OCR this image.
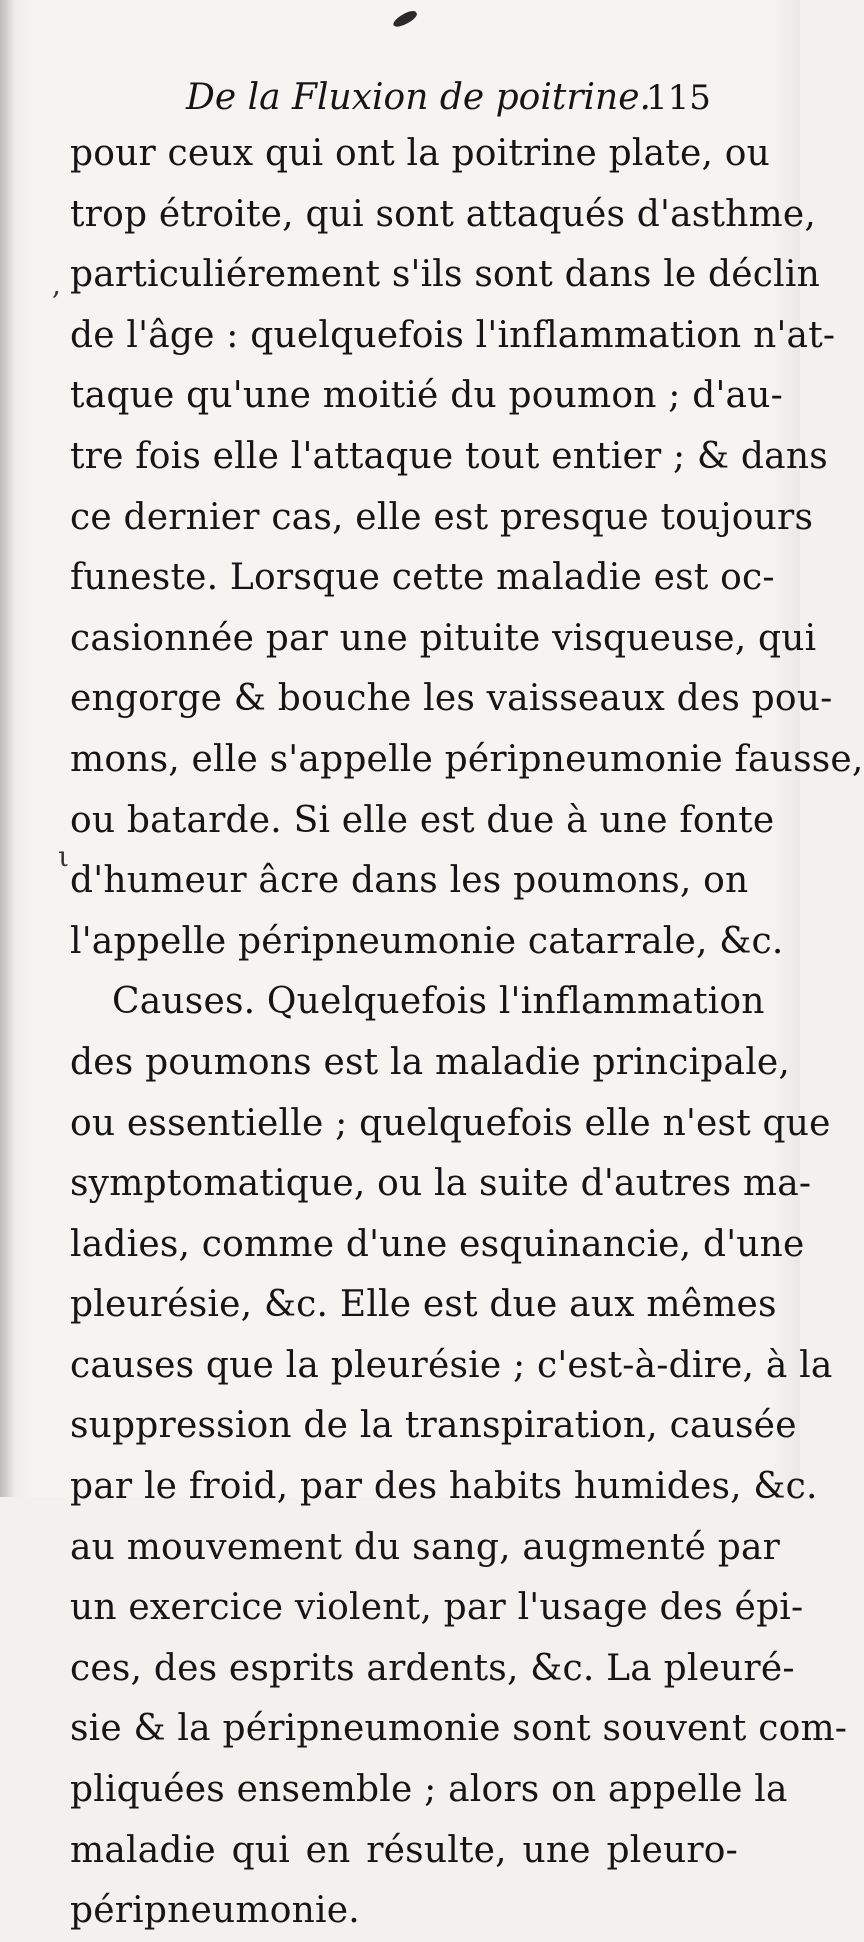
De la Fluxion de poitrine.
115
,
ι
pour ceux qui ont la poitrine plate, ou
trop étroite, qui sont attaqués d'asthme,
particuliérement s'ils sont dans le déclin
de l'âge : quelquefois l'inflammation n'at-
taque qu'une moitié du poumon ; d'au-
tre fois elle l'attaque tout entier ; & dans
ce dernier cas, elle est presque toujours
funeste. Lorsque cette maladie est oc-
casionnée par une pituite visqueuse, qui
engorge & bouche les vaisseaux des pou-
mons, elle s'appelle péripneumonie fausse,
ou batarde. Si elle est due à une fonte
d'humeur âcre dans les poumons, on
l'appelle péripneumonie catarrale, &c.
Causes. Quelquefois l'inflammation
des poumons est la maladie principale,
ou essentielle ; quelquefois elle n'est que
symptomatique, ou la suite d'autres ma-
ladies, comme d'une esquinancie, d'une
pleurésie, &c. Elle est due aux mêmes
causes que la pleurésie ; c'est-à-dire, à la
suppression de la transpiration, causée
par le froid, par des habits humides, &c.
au mouvement du sang, augmenté par
un exercice violent, par l'usage des épi-
ces, des esprits ardents, &c. La pleuré-
sie & la péripneumonie sont souvent com-
pliquées ensemble ; alors on appelle la
maladie qui en résulte, une pleuro-
péripneumonie.
